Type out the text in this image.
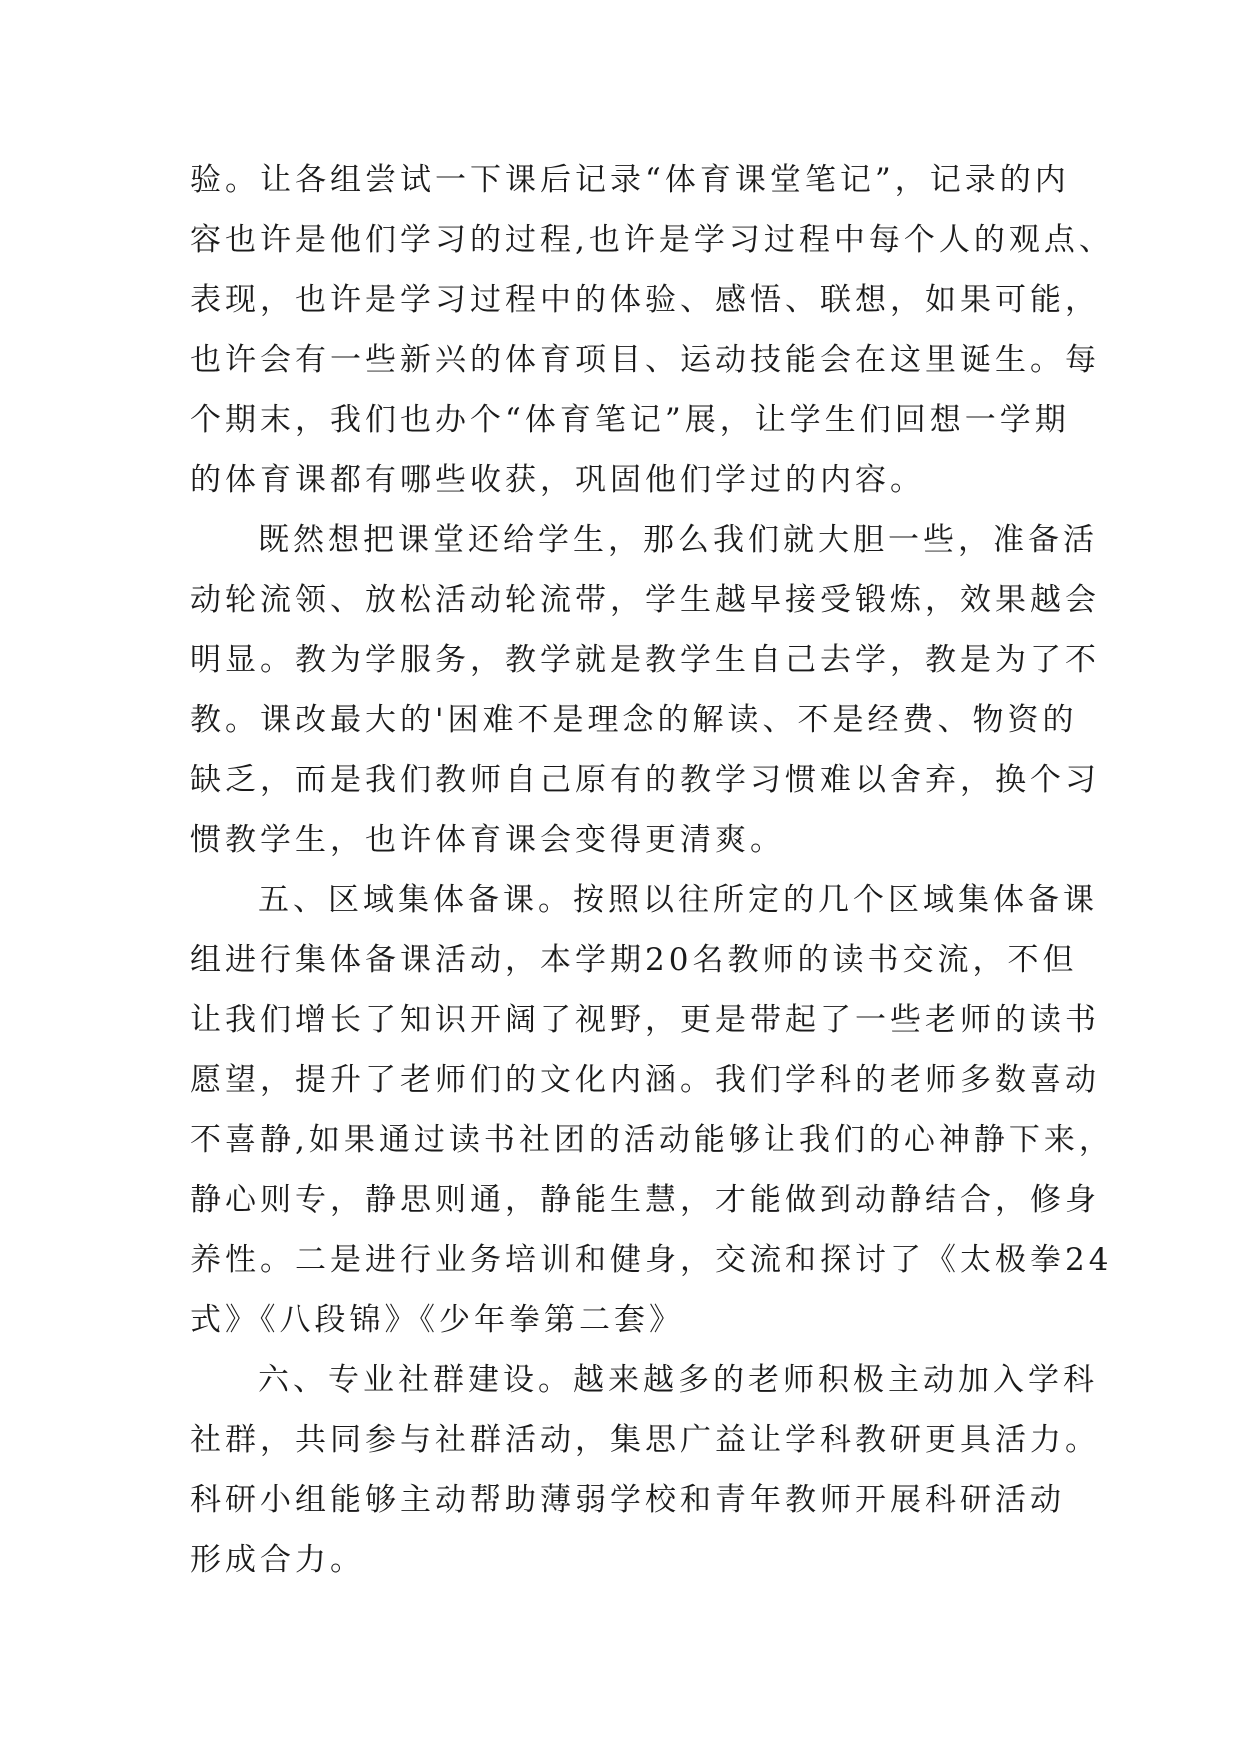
验。让各组尝试一下课后记录“体育课堂笔记”，记录的内
容也许是他们学习的过程,也许是学习过程中每个人的观点、
表现，也许是学习过程中的体验、感悟、联想，如果可能，
也许会有一些新兴的体育项目、运动技能会在这里诞生。每
个期末，我们也办个“体育笔记”展，让学生们回想一学期
的体育课都有哪些收获，巩固他们学过的内容。
既然想把课堂还给学生，那么我们就大胆一些，准备活
动轮流领、放松活动轮流带，学生越早接受锻炼，效果越会
明显。教为学服务，教学就是教学生自己去学，教是为了不
教。课改最大的'困难不是理念的解读、不是经费、物资的
缺乏，而是我们教师自己原有的教学习惯难以舍弃，换个习
惯教学生，也许体育课会变得更清爽。
五、区域集体备课。按照以往所定的几个区域集体备课
组进行集体备课活动，本学期20名教师的读书交流，不但
让我们增长了知识开阔了视野，更是带起了一些老师的读书
愿望，提升了老师们的文化内涵。我们学科的老师多数喜动
不喜静,如果通过读书社团的活动能够让我们的心神静下来，
静心则专，静思则通，静能生慧，才能做到动静结合，修身
养性。二是进行业务培训和健身，交流和探讨了《太极拳24
式》《八段锦》《少年拳第二套》
六、专业社群建设。越来越多的老师积极主动加入学科
社群，共同参与社群活动，集思广益让学科教研更具活力。
科研小组能够主动帮助薄弱学校和青年教师开展科研活动
形成合力。
